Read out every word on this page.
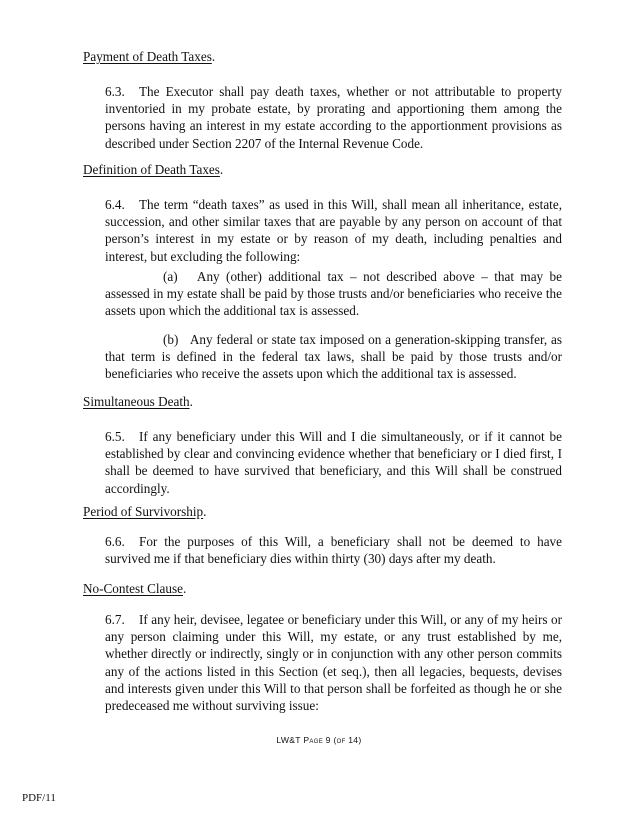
Payment of Death Taxes.
6.3. The Executor shall pay death taxes, whether or not attributable to property inventoried in my probate estate, by prorating and apportioning them among the persons having an interest in my estate according to the apportionment provisions as described under Section 2207 of the Internal Revenue Code.
Definition of Death Taxes.
6.4. The term “death taxes” as used in this Will, shall mean all inheritance, estate, succession, and other similar taxes that are payable by any person on account of that person’s interest in my estate or by reason of my death, including penalties and interest, but excluding the following:
(a) Any (other) additional tax – not described above – that may be assessed in my estate shall be paid by those trusts and/or beneficiaries who receive the assets upon which the additional tax is assessed.
(b) Any federal or state tax imposed on a generation-skipping transfer, as that term is defined in the federal tax laws, shall be paid by those trusts and/or beneficiaries who receive the assets upon which the additional tax is assessed.
Simultaneous Death.
6.5. If any beneficiary under this Will and I die simultaneously, or if it cannot be established by clear and convincing evidence whether that beneficiary or I died first, I shall be deemed to have survived that beneficiary, and this Will shall be construed accordingly.
Period of Survivorship.
6.6. For the purposes of this Will, a beneficiary shall not be deemed to have survived me if that beneficiary dies within thirty (30) days after my death.
No-Contest Clause.
6.7. If any heir, devisee, legatee or beneficiary under this Will, or any of my heirs or any person claiming under this Will, my estate, or any trust established by me, whether directly or indirectly, singly or in conjunction with any other person commits any of the actions listed in this Section (et seq.), then all legacies, bequests, devises and interests given under this Will to that person shall be forfeited as though he or she predeceased me without surviving issue:
LW&T Page 9 (of 14)
PDF/11
